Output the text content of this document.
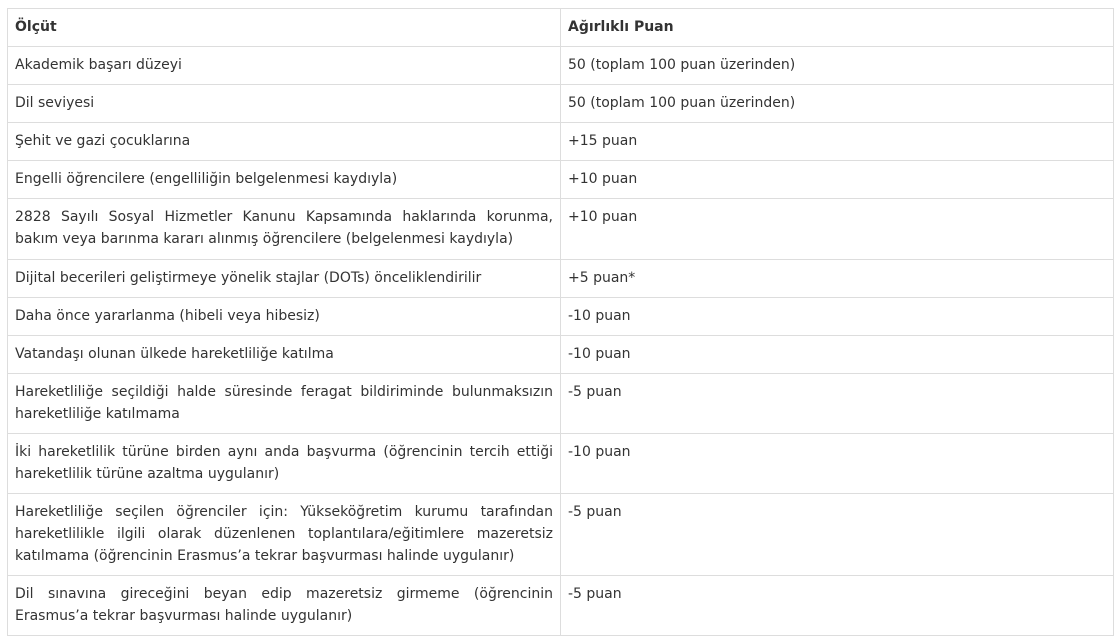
Ölçüt	Ağırlıklı Puan
Akademik başarı düzeyi	50 (toplam 100 puan üzerinden)
Dil seviyesi	50 (toplam 100 puan üzerinden)
Şehit ve gazi çocuklarına	+15 puan
Engelli öğrencilere (engelliliğin belgelenmesi kaydıyla)	+10 puan
2828 Sayılı Sosyal Hizmetler Kanunu Kapsamında haklarında korunma, bakım veya barınma kararı alınmış öğrencilere (belgelenmesi kaydıyla)	+10 puan
Dijital becerileri geliştirmeye yönelik stajlar (DOTs) önceliklendirilir	+5 puan*
Daha önce yararlanma (hibeli veya hibesiz)	-10 puan
Vatandaşı olunan ülkede hareketliliğe katılma	-10 puan
Hareketliliğe seçildiği halde süresinde feragat bildiriminde bulunmaksızın hareketliliğe katılmama	-5 puan
İki hareketlilik türüne birden aynı anda başvurma (öğrencinin tercih ettiği hareketlilik türüne azaltma uygulanır)	-10 puan
Hareketliliğe seçilen öğrenciler için: Yükseköğretim kurumu tarafından hareketlilikle ilgili olarak düzenlenen toplantılara/eğitimlere mazeretsiz katılmama (öğrencinin Erasmus’a tekrar başvurması halinde uygulanır)	-5 puan
Dil sınavına gireceğini beyan edip mazeretsiz girmeme (öğrencinin Erasmus’a tekrar başvurması halinde uygulanır)	-5 puan
